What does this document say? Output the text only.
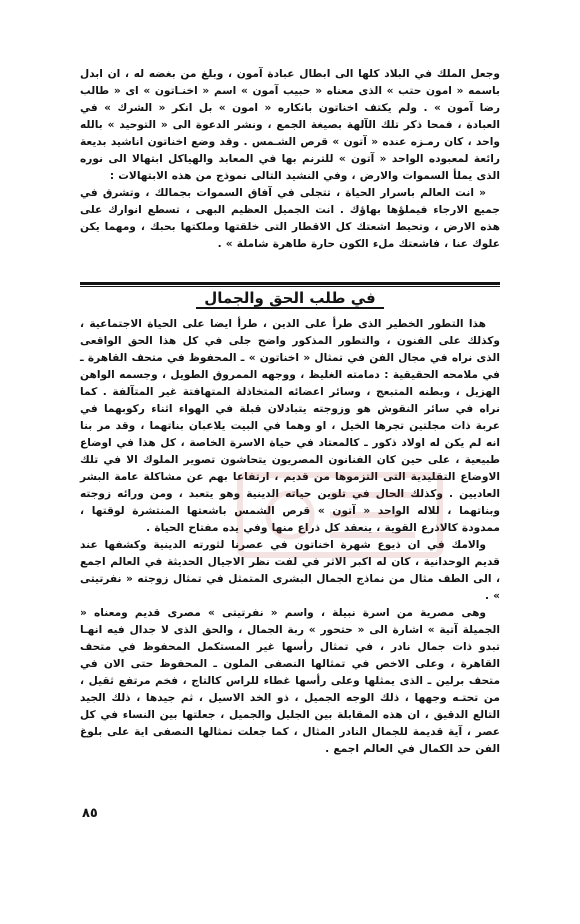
وجعل الملك في البلاد كلها الى ابطال عبادة آمون ، وبلغ من بغضه له ، ان ابدل باسمه « امون حتب » الذى معناه « حبيب آمون » اسم « اخنـاتون » اى « طالب رضا آمون » . ولم يكتف اخناتون بانكاره « امون » بل انكر « الشرك » في العبادة ، فمحا ذكر تلك الآلهة بصيغة الجمع ، ونشر الدعوة الى « التوحيد » بالله واحد ، كان رمـزه عنده « آتون » قرص الشـمس . وقد وضع اخناتون اناشيد بديعة رائعة لمعبوده الواحد « آتون » للترنم بها في المعابد والهياكل ابتهالا الى نوره الذى يملأ السموات والارض ، وفي النشيد التالى نموذج من هذه الابتهالات :

« انت العالم باسرار الحياة ، تتجلى في آفاق السموات بجمالك ، وتشرق في جميع الارجاء فيملؤها بهاؤك . انت الجميل العظيم البهى ، تسطع انوارك على هذه الارض ، وتحيط اشعتك كل الاقطار التى خلقتها وملكتها بحبك ، ومهما يكن علوك عنا ، فاشعتك ملء الكون حارة طاهرة شاملة » .

في طلب الحق والجمال

هذا التطور الخطير الذى طرأ على الدين ، طرأ ايضا على الحياة الاجتماعية ، وكذلك على الفنون ، والتطور المذكور واضح جلى في كل هذا الحق الواقعى الذى نراه في مجال الفن في تمثال « اخناتون » ـ المحفوظ في متحف القاهرة ـ في ملامحه الحقيقية : دمامته الغليظ ، ووجهه الممروق الطويل ، وجسمه الواهن الهزيل ، وبطنه المتبعج ، وسائر اعضائه المتخاذلة المتهافتة غير المتآلفة . كما نراه في سائر النقوش هو وزوجته يتبادلان قبلة في الهواء اثناء ركوبهما في عربة ذات مجلتين تجرها الخيل ، او وهما في البيت يلاعبان بناتهما ، وقد مر بنا انه لم يكن له اولاد ذكور ـ كالمعتاد في حياة الاسرة الخاصة ، كل هذا في اوضاع طبيعية ، على حين كان الفنانون المصريون يتحاشون تصوير الملوك الا في تلك الاوضاع التقليدية التى التزموها من قديم ، ارتفاعا بهم عن مشاكلة عامة البشر العاديين . وكذلك الحال في تلوين حياته الدينية وهو يتعبد ، ومن ورائه زوجته وبناتهما ، للاله الواحد « آتون » قرص الشمس باشعتها المنتشرة لوقتها ، ممدودة كالاذرع القوية ، ينعقد كل ذراع منها وفي يده مفتاح الحياة .

والامك في ان ذيوع شهرة اخناتون في عصرنا لثورته الدينية وكشفها عند قديم الوحدانية ، كان له اكبر الاثر في لفت نظر الاجيال الحديثة في العالم اجمع ، الى الطف مثال من نماذج الجمال البشرى المتمثل في تمثال زوجته « نفرتيتى » .

وهى مصرية من اسرة نبيلة ، واسم « نفرتيتى » مصرى قديم ومعناه « الجميلة آتية » اشارة الى « حتحور » ربة الجمال ، والحق الذى لا جدال فيه انهـا تبدو ذات جمال نادر ، في تمثال رأسها غير المستكمل المحفوظ في متحف القاهرة ، وعلى الاخص في تمثالها النصفى الملون ـ المحفوظ حتى الان في متحف برلين ـ الذى يمثلها وعلى رأسها غطاء للراس كالتاج ، فخم مرتفع ثقيل ، من تحتـه وجهها ، ذلك الوجه الجميل ، ذو الخد الاسيل ، ثم جيدها ، ذلك الجيد التالع الدقيق ، ان هذه المقابلة بين الجليل والجميل ، جعلتها بين النساء في كل عصر ، آية قديمة للجمال النادر المثال ، كما جعلت تمثالها النصفى اية على بلوغ الفن حد الكمال في العالم اجمع .

٨٥
